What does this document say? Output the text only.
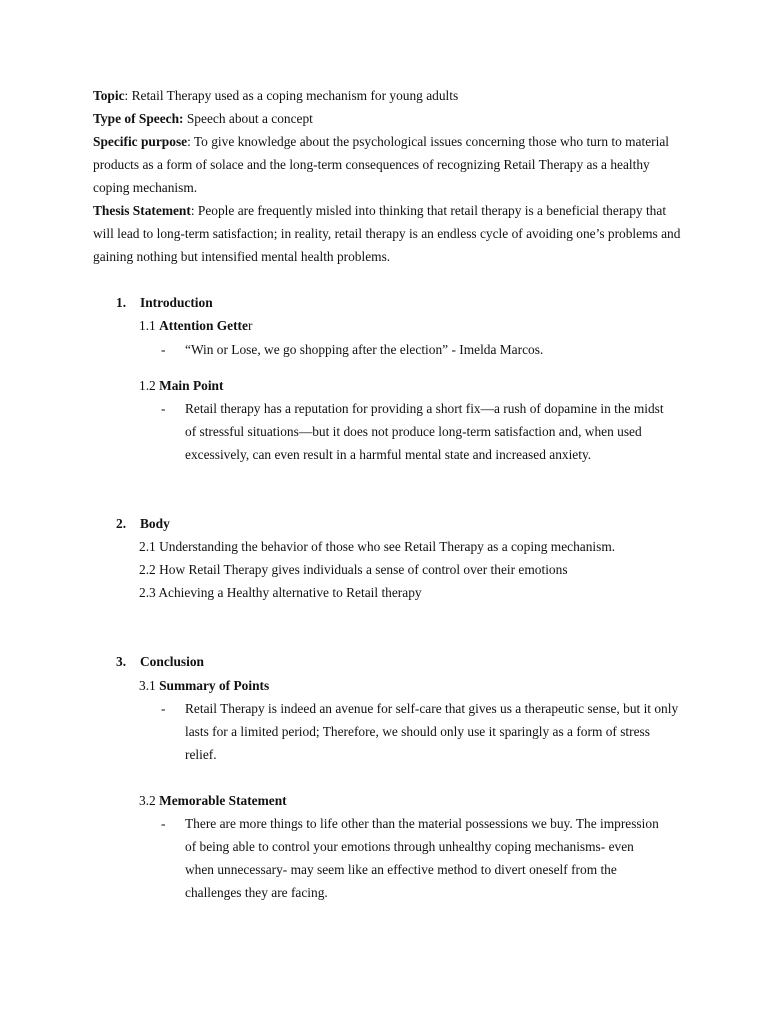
Topic: Retail Therapy used as a coping mechanism for young adults

Type of Speech: Speech about a concept

Specific purpose: To give knowledge about the psychological issues concerning those who turn to material products as a form of solace and the long-term consequences of recognizing Retail Therapy as a healthy coping mechanism.

Thesis Statement: People are frequently misled into thinking that retail therapy is a beneficial therapy that will lead to long-term satisfaction; in reality, retail therapy is an endless cycle of avoiding one’s problems and gaining nothing but intensified mental health problems.

1. Introduction
1.1 Attention Getter
- “Win or Lose, we go shopping after the election” - Imelda Marcos.
1.2 Main Point
- Retail therapy has a reputation for providing a short fix—a rush of dopamine in the midst of stressful situations—but it does not produce long-term satisfaction and, when used excessively, can even result in a harmful mental state and increased anxiety.
2. Body
2.1 Understanding the behavior of those who see Retail Therapy as a coping mechanism.
2.2 How Retail Therapy gives individuals a sense of control over their emotions
2.3 Achieving a Healthy alternative to Retail therapy
3. Conclusion
3.1 Summary of Points
- Retail Therapy is indeed an avenue for self-care that gives us a therapeutic sense, but it only lasts for a limited period; Therefore, we should only use it sparingly as a form of stress relief.
3.2 Memorable Statement
- There are more things to life other than the material possessions we buy. The impression of being able to control your emotions through unhealthy coping mechanisms- even when unnecessary- may seem like an effective method to divert oneself from the challenges they are facing.
